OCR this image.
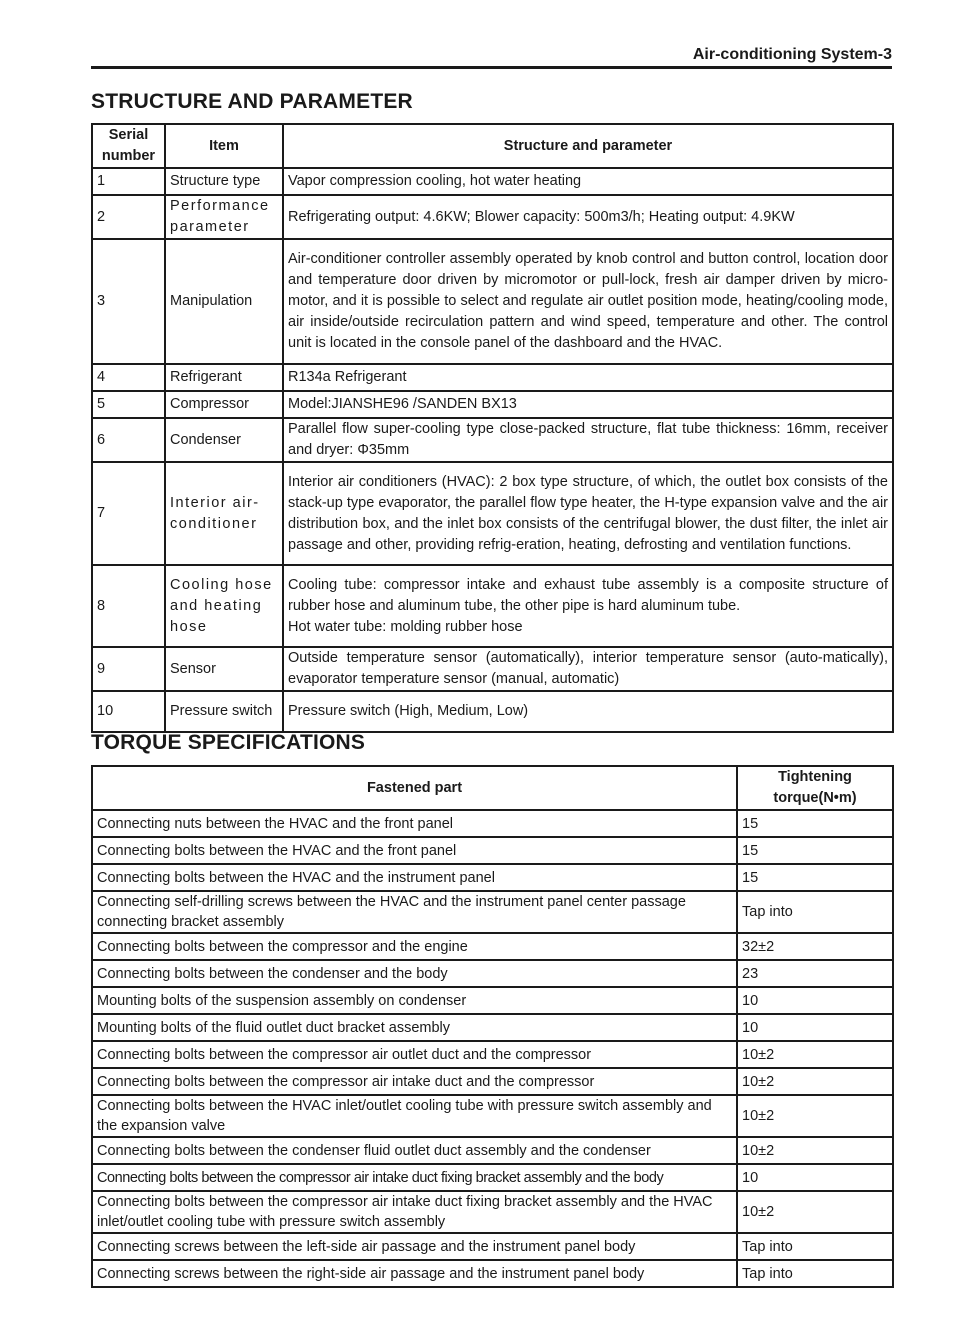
Air-conditioning System-3
STRUCTURE AND PARAMETER
Serial number	Item	Structure and parameter
1	Structure type	Vapor compression cooling, hot water heating
2	Performance parameter	Refrigerating output: 4.6KW; Blower capacity: 500m3/h; Heating output: 4.9KW
3	Manipulation	Air-conditioner controller assembly operated by knob control and button control, location door and temperature door driven by micromotor or pull-lock, fresh air damper driven by micro-motor, and it is possible to select and regulate air outlet position mode, heating/cooling mode, air inside/outside recirculation pattern and wind speed, temperature and other. The control unit is located in the console panel of the dashboard and the HVAC.
4	Refrigerant	R134a Refrigerant
5	Compressor	Model:JIANSHE96 /SANDEN BX13
6	Condenser	Parallel flow super-cooling type close-packed structure, flat tube thickness: 16mm, receiver and dryer: Φ35mm
7	Interior air-conditioner	Interior air conditioners (HVAC): 2 box type structure, of which, the outlet box consists of the stack-up type evaporator, the parallel flow type heater, the H-type expansion valve and the air distribution box, and the inlet box consists of the centrifugal blower, the dust filter, the inlet air passage and other, providing refrig-eration, heating, defrosting and ventilation functions.
8	Cooling hose and heating hose	Cooling tube: compressor intake and exhaust tube assembly is a composite structure of rubber hose and aluminum tube, the other pipe is hard aluminum tube.
Hot water tube: molding rubber hose

9	Sensor	Outside temperature sensor (automatically), interior temperature sensor (auto-matically), evaporator temperature sensor (manual, automatic)
10	Pressure switch	Pressure switch (High, Medium, Low)
TORQUE SPECIFICATIONS
Fastened part	Tightening torque(N•m)
Connecting nuts between the HVAC and the front panel	15
Connecting bolts between the HVAC and the front panel	15
Connecting bolts between the HVAC and the instrument panel	15
Connecting self-drilling screws between the HVAC and the instrument panel center passage connecting bracket assembly	Tap into
Connecting bolts between the compressor and the engine	32±2
Connecting bolts between the condenser and the body	23
Mounting bolts of the suspension assembly on condenser	10
Mounting bolts of the fluid outlet duct bracket assembly	10
Connecting bolts between the compressor air outlet duct and the compressor	10±2
Connecting bolts between the compressor air intake duct and the compressor	10±2
Connecting bolts between the HVAC inlet/outlet cooling tube with pressure switch assembly and the expansion valve	10±2
Connecting bolts between the condenser fluid outlet duct assembly and the condenser	10±2
Connecting bolts between the compressor air intake duct fixing bracket assembly and the body	10
Connecting bolts between the compressor air intake duct fixing bracket assembly and the HVAC inlet/outlet cooling tube with pressure switch assembly	10±2
Connecting screws between the left-side air passage and the instrument panel body	Tap into
Connecting screws between the right-side air passage and the instrument panel body	Tap into
